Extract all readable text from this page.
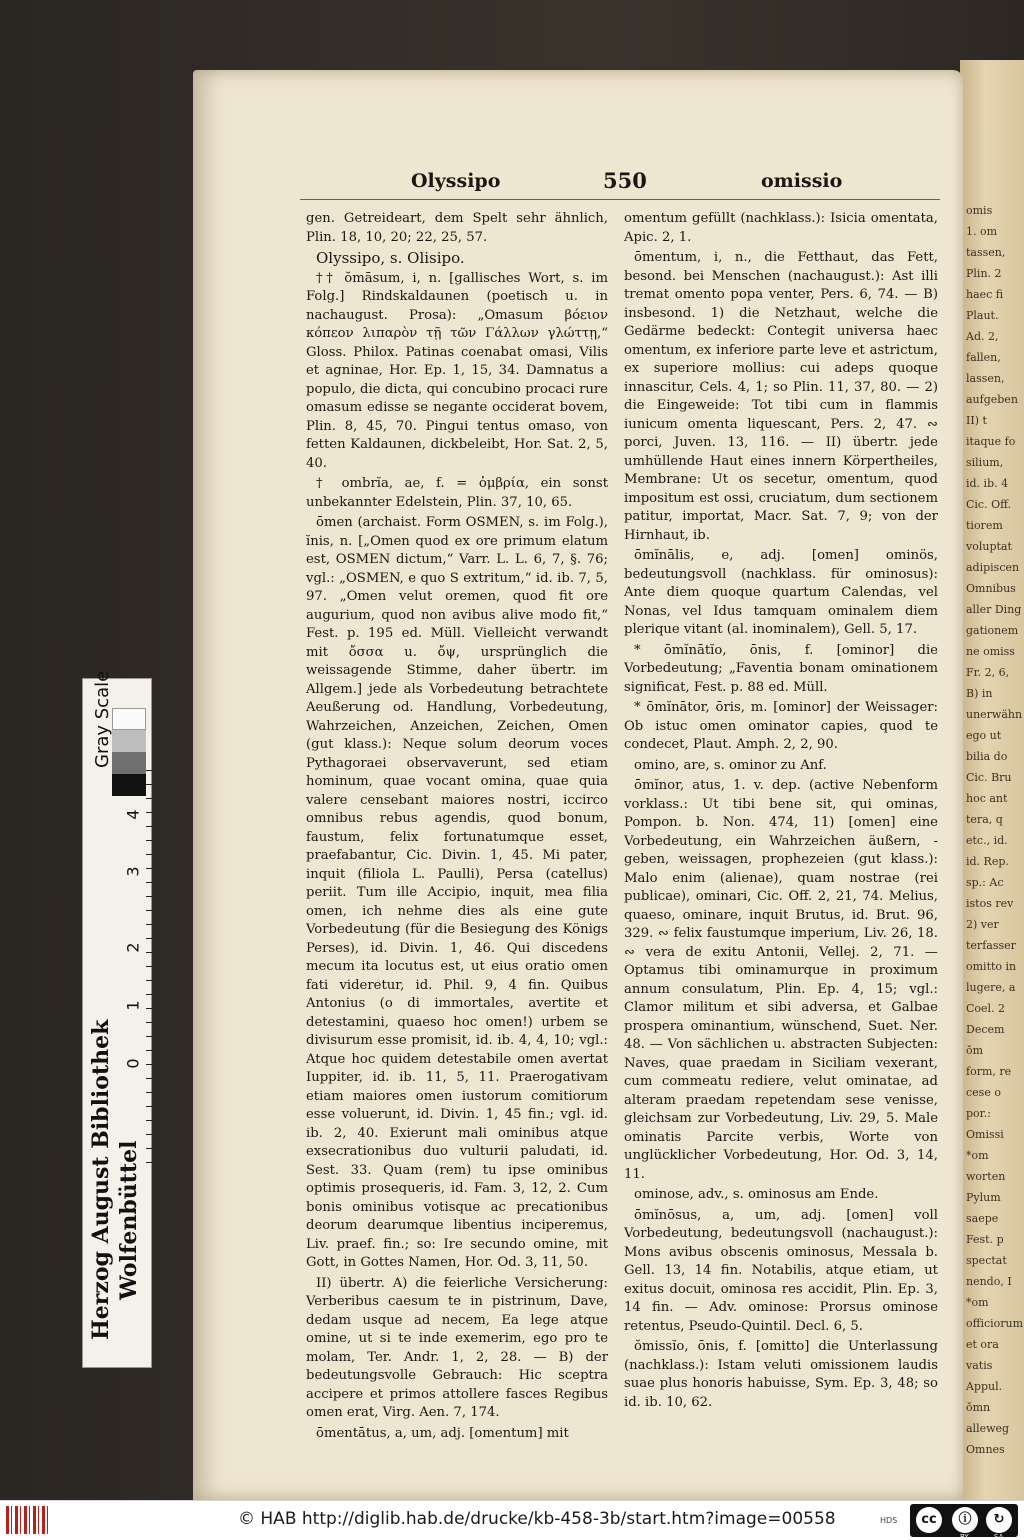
omis
1. om
tassen,
Plin. 2
haec fi
Plaut.
Ad. 2,
fallen,
lassen,
aufgeben
II) t
itaque fo
silium,
id. ib. 4
Cic. Off.
tiorem
voluptat
adipiscen
Omnibus
aller Ding
gationem
ne omiss
Fr. 2, 6,
B) in
unerwähn
ego ut
bilia do
Cic. Bru
hoc ant
tera, q
etc., id.
id. Rep.
sp.: Ac
istos rev
2) ver
terfasser
omitto in
lugere, a
Coel. 2
Decem
ŏm
form, re
cese o
por.:
Omissi
*om
worten
Pylum
saepe
Fest. p
spectat
nendo, I
*om
officiorum
et ora
vatis
Appul.
ŏmn
alleweg
Omnes
Olyssipo	550	omissio

gen. Getreideart, dem Spelt sehr ähnlich, Plin. 18, 10, 20; 22, 25, 57.

Olyssipo, s. Olisipo.

†† ŏmāsum, i, n. [gallisches Wort, s. im Folg.] Rindskaldaunen (poetisch u. in nachaugust. Prosa): „Omasum βόειον κόπεον λιπαρὸν τῇ τῶν Γάλλων γλώττῃ,“ Gloss. Philox. Patinas coenabat omasi, Vilis et agninae, Hor. Ep. 1, 15, 34. Damnatus a populo, die dicta, qui concubino procaci rure omasum edisse se negante occiderat bovem, Plin. 8, 45, 70. Pingui tentus omaso, von fetten Kaldaunen, dickbeleibt, Hor. Sat. 2, 5, 40.

† ombrĭa, ae, f. = ὀμβρία, ein sonst unbekannter Edelstein, Plin. 37, 10, 65.

ōmen (archaist. Form OSMEN, s. im Folg.), ĭnis, n. [„Omen quod ex ore primum elatum est, OSMEN dictum,“ Varr. L. L. 6, 7, §. 76; vgl.: „OSMEN, e quo S extritum,“ id. ib. 7, 5, 97. „Omen velut oremen, quod fit ore augurium, quod non avibus alive modo fit,“ Fest. p. 195 ed. Müll. Vielleicht verwandt mit ὄσσα u. ὄψ, ursprünglich die weissagende Stimme, daher übertr. im Allgem.] jede als Vorbedeutung betrachtete Aeußerung od. Handlung, Vorbedeutung, Wahrzeichen, Anzeichen, Zeichen, Omen (gut klass.): Neque solum deorum voces Pythagoraei observaverunt, sed etiam hominum, quae vocant omina, quae quia valere censebant maiores nostri, iccirco omnibus rebus agendis, quod bonum, faustum, felix fortunatumque esset, praefabantur, Cic. Divin. 1, 45. Mi pater, inquit (filiola L. Paulli), Persa (catellus) periit. Tum ille Accipio, inquit, mea filia omen, ich nehme dies als eine gute Vorbedeutung (für die Besiegung des Königs Perses), id. Divin. 1, 46. Qui discedens mecum ita locutus est, ut eius oratio omen fati videretur, id. Phil. 9, 4 fin. Quibus Antonius (o di immortales, avertite et detestamini, quaeso hoc omen!) urbem se divisurum esse promisit, id. ib. 4, 4, 10; vgl.: Atque hoc quidem detestabile omen avertat Iuppiter, id. ib. 11, 5, 11. Praerogativam etiam maiores omen iustorum comitiorum esse voluerunt, id. Divin. 1, 45 fin.; vgl. id. ib. 2, 40. Exierunt mali ominibus atque exsecrationibus duo vulturii paludati, id. Sest. 33. Quam (rem) tu ipse ominibus optimis prosequeris, id. Fam. 3, 12, 2. Cum bonis ominibus votisque ac precationibus deorum dearumque libentius inciperemus, Liv. praef. fin.; so: Ire secundo omine, mit Gott, in Gottes Namen, Hor. Od. 3, 11, 50.

II) übertr. A) die feierliche Versicherung: Verberibus caesum te in pistrinum, Dave, dedam usque ad necem, Ea lege atque omine, ut si te inde exemerim, ego pro te molam, Ter. Andr. 1, 2, 28. — B) der bedeutungsvolle Gebrauch: Hic sceptra accipere et primos attollere fasces Regibus omen erat, Virg. Aen. 7, 174.

ōmentātus, a, um, adj. [omentum] mit

omentum gefüllt (nachklass.): Isicia omentata, Apic. 2, 1.

ōmentum, i, n., die Fetthaut, das Fett, besond. bei Menschen (nachaugust.): Ast illi tremat omento popa venter, Pers. 6, 74. — B) insbesond. 1) die Netzhaut, welche die Gedärme bedeckt: Contegit universa haec omentum, ex inferiore parte leve et astrictum, ex superiore mollius: cui adeps quoque innascitur, Cels. 4, 1; so Plin. 11, 37, 80. — 2) die Eingeweide: Tot tibi cum in flammis iunicum omenta liquescant, Pers. 2, 47. ∾ porci, Juven. 13, 116. — II) übertr. jede umhüllende Haut eines innern Körpertheiles, Membrane: Ut os secetur, omentum, quod impositum est ossi, cruciatum, dum sectionem patitur, importat, Macr. Sat. 7, 9; von der Hirnhaut, ib.

ōmĭnālis, e, adj. [omen] ominös, bedeutungsvoll (nachklass. für ominosus): Ante diem quoque quartum Calendas, vel Nonas, vel Idus tamquam ominalem diem plerique vitant (al. inominalem), Gell. 5, 17.

* ōmĭnātĭo, ōnis, f. [ominor] die Vorbedeutung; „Faventia bonam ominationem significat, Fest. p. 88 ed. Müll.

* ōmĭnātor, ōris, m. [ominor] der Weissager: Ob istuc omen ominator capies, quod te condecet, Plaut. Amph. 2, 2, 90.

omino, are, s. ominor zu Anf.

ōmĭnor, atus, 1. v. dep. (active Nebenform vorklass.: Ut tibi bene sit, qui ominas, Pompon. b. Non. 474, 11) [omen] eine Vorbedeutung, ein Wahrzeichen äußern, -geben, weissagen, prophezeien (gut klass.): Malo enim (alienae), quam nostrae (rei publicae), ominari, Cic. Off. 2, 21, 74. Melius, quaeso, ominare, inquit Brutus, id. Brut. 96, 329. ∾ felix faustumque imperium, Liv. 26, 18. ∾ vera de exitu Antonii, Vellej. 2, 71. — Optamus tibi ominamurque in proximum annum consulatum, Plin. Ep. 4, 15; vgl.: Clamor militum et sibi adversa, et Galbae prospera ominantium, wünschend, Suet. Ner. 48. — Von sächlichen u. abstracten Subjecten: Naves, quae praedam in Siciliam vexerant, cum commeatu rediere, velut ominatae, ad alteram praedam repetendam sese venisse, gleichsam zur Vorbedeutung, Liv. 29, 5. Male ominatis Parcite verbis, Worte von unglücklicher Vorbedeutung, Hor. Od. 3, 14, 11.

ominose, adv., s. ominosus am Ende.

ōmĭnōsus, a, um, adj. [omen] voll Vorbedeutung, bedeutungsvoll (nachaugust.): Mons avibus obscenis ominosus, Messala b. Gell. 13, 14 fin. Notabilis, atque etiam, ut exitus docuit, ominosa res accidit, Plin. Ep. 3, 14 fin. — Adv. ominose: Prorsus ominose retentus, Pseudo-Quintil. Decl. 6, 5.

ŏmissĭo, ōnis, f. [omitto] die Unterlassung (nachklass.): Istam veluti omissionem laudis suae plus honoris habuisse, Sym. Ep. 3, 48; so id. ib. 10, 62.

Gray Scale
4
3
2
1
0
Herzog August Bibliothek Wolfenbüttel
© HAB http://diglib.hab.de/drucke/kb-458-3b/start.htm?image=00558	HDS	cc	ⓘ	↻
BY	SA
